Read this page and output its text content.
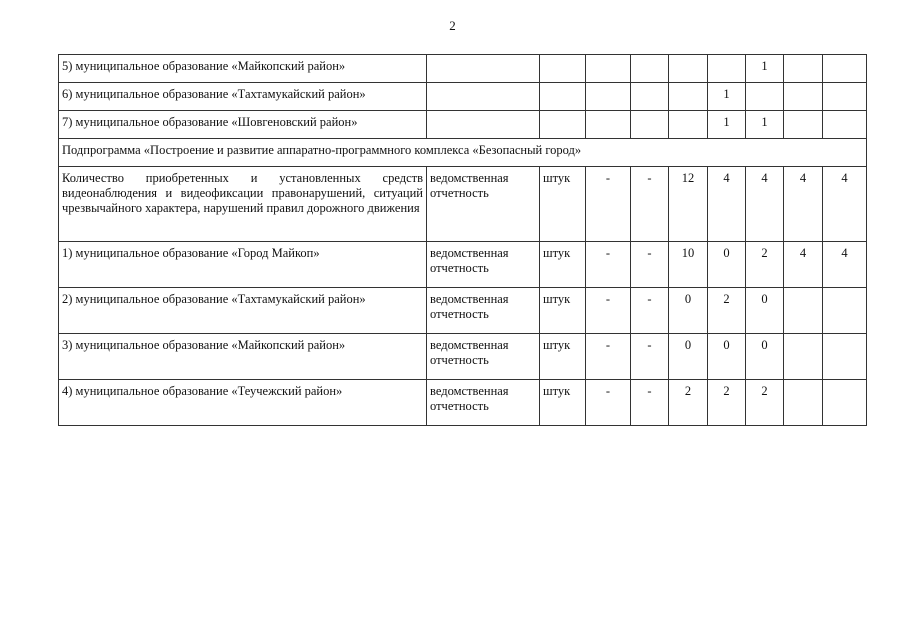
2
5) муниципальное образование «Майкопский район»							1		
6) муниципальное образование «Тахтамукайский район»						1			
7) муниципальное образование «Шовгеновский район»						1	1		
Подпрограмма «Построение и развитие аппаратно-программного комплекса «Безопасный город»									
Количество приобретенных и установленных средств видеонаблюдения и видеофиксации правонарушений, ситуаций чрезвычайного характера, нарушений правил дорожного движения	ведомственная отчетность	штук	-	-	12	4	4	4	4
1) муниципальное образование «Город Майкоп»	ведомственная отчетность	штук	-	-	10	0	2	4	4
2) муниципальное образование «Тахтамукайский район»	ведомственная отчетность	штук	-	-	0	2	0		
3) муниципальное образование «Майкопский район»	ведомственная отчетность	штук	-	-	0	0	0		
4) муниципальное образование «Теучежский район»	ведомственная отчетность	штук	-	-	2	2	2		
